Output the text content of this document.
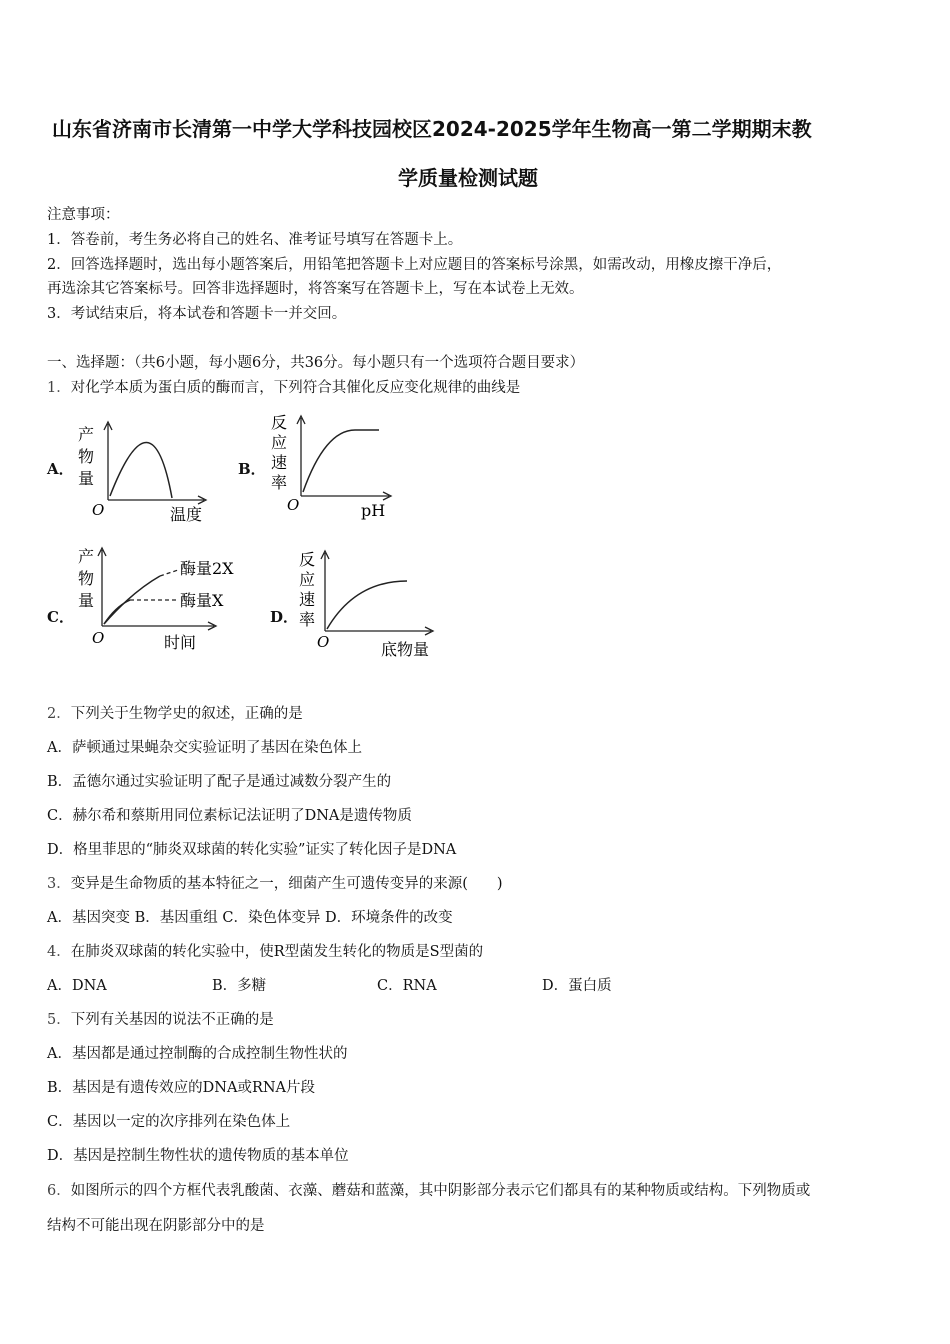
山东省济南市长清第一中学大学科技园校区2024-2025学年生物高一第二学期期末教
学质量检测试题
注意事项：
1．答卷前，考生务必将自己的姓名、准考证号填写在答题卡上。
2．回答选择题时，选出每小题答案后，用铅笔把答题卡上对应题目的答案标号涂黑，如需改动，用橡皮擦干净后，
再选涂其它答案标号。回答非选择题时，将答案写在答题卡上，写在本试卷上无效。
3．考试结束后，将本试卷和答题卡一并交回。
一、选择题：（共6小题，每小题6分，共36分。每小题只有一个选项符合题目要求）
1．对化学本质为蛋白质的酶而言，下列符合其催化反应变化规律的曲线是
A．	B．
C．	D．
产
物
量
O	温度
反
应
速
率
O	pH
产
物
量
酶量2X
酶量X
O	时间
反
应
速
率
O	底物量
2．下列关于生物学史的叙述，正确的是
A．萨顿通过果蝇杂交实验证明了基因在染色体上
B．孟德尔通过实验证明了配子是通过减数分裂产生的
C．赫尔希和蔡斯用同位素标记法证明了DNA是遗传物质
D．格里菲思的“肺炎双球菌的转化实验”证实了转化因子是DNA
3．变异是生命物质的基本特征之一，细菌产生可遗传变异的来源(　　)
A．基因突变 B．基因重组 C．染色体变异 D．环境条件的改变
4．在肺炎双球菌的转化实验中，使R型菌发生转化的物质是S型菌的
A．DNA	B．多糖	C．RNA	D．蛋白质
5．下列有关基因的说法不正确的是
A．基因都是通过控制酶的合成控制生物性状的
B．基因是有遗传效应的DNA或RNA片段
C．基因以一定的次序排列在染色体上
D．基因是控制生物性状的遗传物质的基本单位
6．如图所示的四个方框代表乳酸菌、衣藻、蘑菇和蓝藻，其中阴影部分表示它们都具有的某种物质或结构。下列物质或
结构不可能出现在阴影部分中的是
